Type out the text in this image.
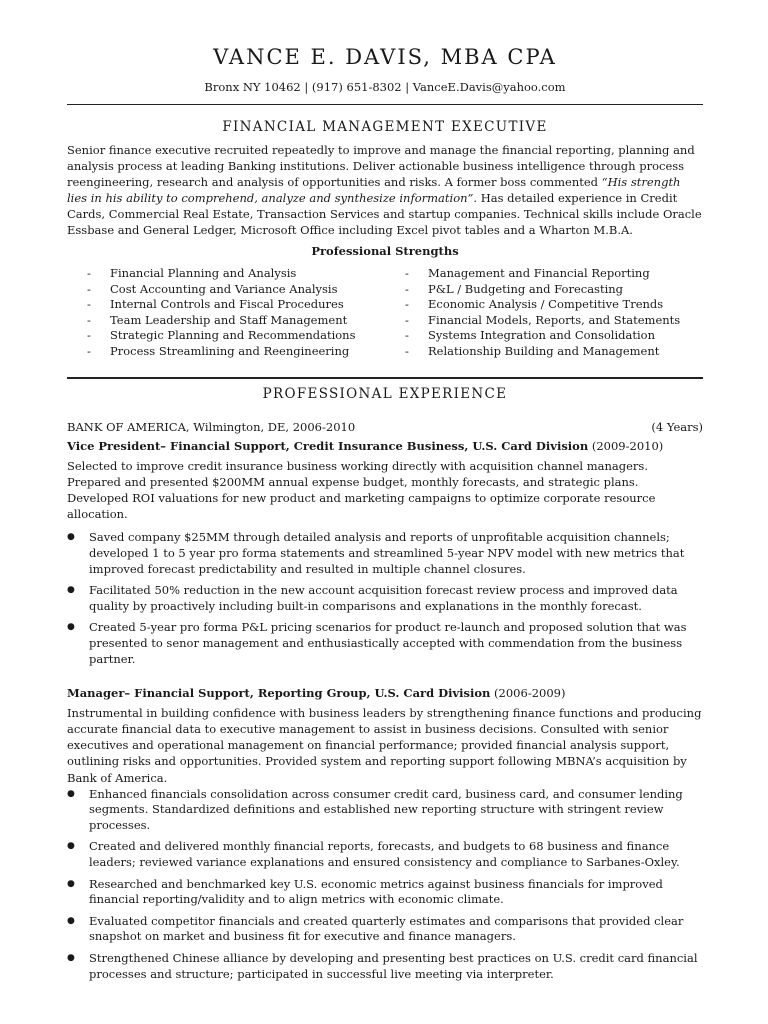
VANCE E. DAVIS, MBA CPA
Bronx NY 10462 | (917) 651-8302 | VanceE.Davis@yahoo.com
FINANCIAL MANAGEMENT EXECUTIVE

Senior finance executive recruited repeatedly to improve and manage the financial reporting, planning and analysis process at leading Banking institutions. Deliver actionable business intelligence through process reengineering, research and analysis of opportunities and risks. A former boss commented “His strength lies in his ability to comprehend, analyze and synthesize information”. Has detailed experience in Credit Cards, Commercial Real Estate, Transaction Services and startup companies. Technical skills include Oracle Essbase and General Ledger, Microsoft Office including Excel pivot tables and a Wharton M.B.A.

Professional Strengths
-	Financial Planning and Analysis
-	Cost Accounting and Variance Analysis
-	Internal Controls and Fiscal Procedures
-	Team Leadership and Staff Management
-	Strategic Planning and Recommendations
-	Process Streamlining and Reengineering
-	Management and Financial Reporting
-	P&L / Budgeting and Forecasting
-	Economic Analysis / Competitive Trends
-	Financial Models, Reports, and Statements
-	Systems Integration and Consolidation
-	Relationship Building and Management
PROFESSIONAL EXPERIENCE
BANK OF AMERICA, Wilmington, DE, 2006-2010	(4 Years)

Vice President– Financial Support, Credit Insurance Business, U.S. Card Division (2009-2010)

Selected to improve credit insurance business working directly with acquisition channel managers. Prepared and presented $200MM annual expense budget, monthly forecasts, and strategic plans. Developed ROI valuations for new product and marketing campaigns to optimize corporate resource allocation.

●	Saved company $25MM through detailed analysis and reports of unprofitable acquisition channels; developed 1 to 5 year pro forma statements and streamlined 5-year NPV model with new metrics that improved forecast predictability and resulted in multiple channel closures.
●	Facilitated 50% reduction in the new account acquisition forecast review process and improved data quality by proactively including built-in comparisons and explanations in the monthly forecast.
●	Created 5-year pro forma P&L pricing scenarios for product re-launch and proposed solution that was presented to senor management and enthusiastically accepted with commendation from the business partner.

Manager– Financial Support, Reporting Group, U.S. Card Division (2006-2009)

Instrumental in building confidence with business leaders by strengthening finance functions and producing accurate financial data to executive management to assist in business decisions. Consulted with senior executives and operational management on financial performance; provided financial analysis support, outlining risks and opportunities. Provided system and reporting support following MBNA’s acquisition by Bank of America.

●	Enhanced financials consolidation across consumer credit card, business card, and consumer lending segments. Standardized definitions and established new reporting structure with stringent review processes.
●	Created and delivered monthly financial reports, forecasts, and budgets to 68 business and finance leaders; reviewed variance explanations and ensured consistency and compliance to Sarbanes-Oxley.
●	Researched and benchmarked key U.S. economic metrics against business financials for improved financial reporting/validity and to align metrics with economic climate.
●	Evaluated competitor financials and created quarterly estimates and comparisons that provided clear snapshot on market and business fit for executive and finance managers.
●	Strengthened Chinese alliance by developing and presenting best practices on U.S. credit card financial processes and structure; participated in successful live meeting via interpreter.
